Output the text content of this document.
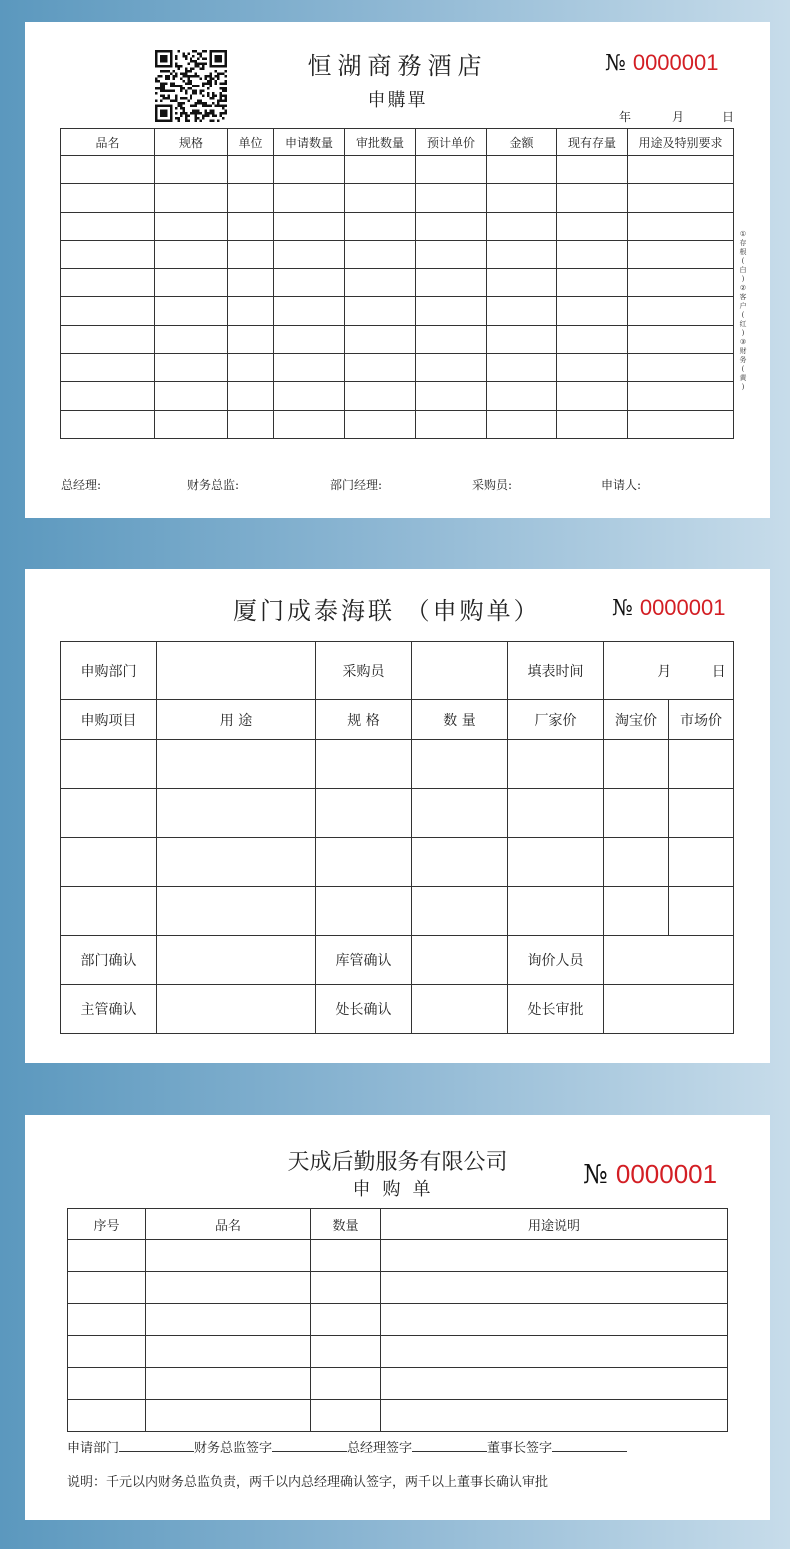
恒湖商務酒店
申購單
№ 0000001
年	月	日
品名	规格	单位	申请数量	审批数量	预计单价	金额	现有存量	用途及特别要求

①
存
根
(
白
)
②
客
户
(
红
)
③
财
务
(
黄
)
总经理:	财务总监:	部门经理:	采购员:	申请人:
厦门成泰海联 （申购单）	№ 0000001
申购部门		采购员		填表时间	月 日	
申购项目	用 途	规 格	数 量	厂家价	淘宝价	市场价

部门确认		库管确认		询价人员		
主管确认		处长确认		处长审批		
天成后勤服务有限公司
申购单	№ 0000001
序号	品名	数量	用途说明

申请部门	财务总监签字	总经理签字	董事长签字
说明：千元以内财务总监负责，两千以内总经理确认签字，两千以上董事长确认审批
